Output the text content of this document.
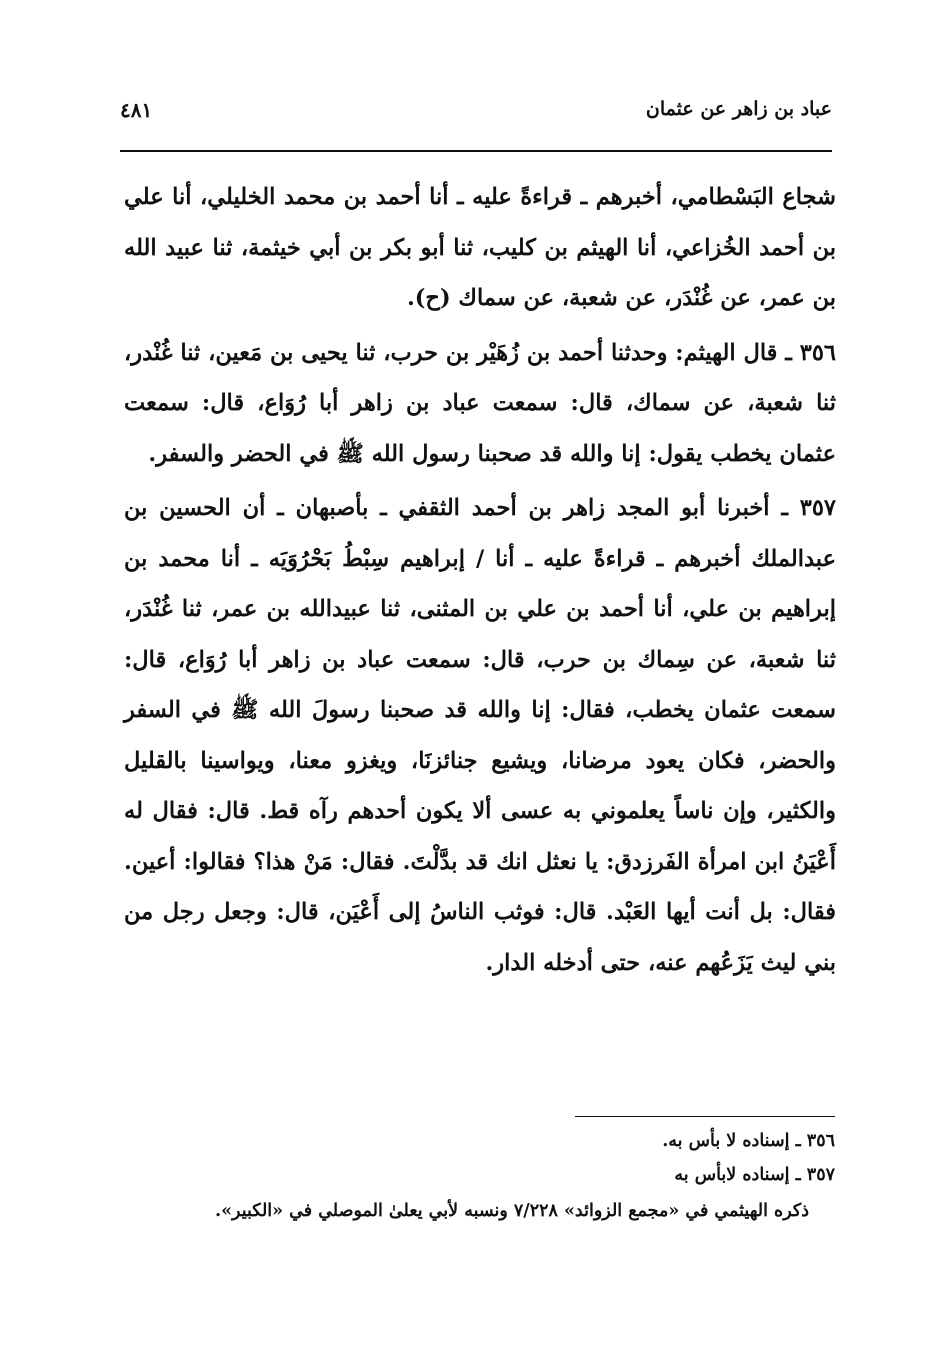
عباد بن زاهر عن عثمان
٤٨١

شجاع البَسْطامي، أخبرهم ـ قراءةً عليه ـ أنا أحمد بن محمد الخليلي، أنا علي بن أحمد الخُزاعي، أنا الهيثم بن كليب، ثنا أبو بكر بن أبي خيثمة، ثنا عبيد الله بن عمر، عن غُنْدَر، عن شعبة، عن سماك (ح).

٣٥٦ ـ قال الهيثم: وحدثنا أحمد بن زُهَيْر بن حرب، ثنا يحيى بن مَعين، ثنا غُنْدر، ثنا شعبة، عن سماك، قال: سمعت عباد بن زاهر أبا رُوَاع، قال: سمعت عثمان يخطب يقول: إنا والله قد صحبنا رسول الله ﷺ في الحضر والسفر.

٣٥٧ ـ أخبرنا أبو المجد زاهر بن أحمد الثقفي ـ بأصبهان ـ أن الحسين بن عبدالملك أخبرهم ـ قراءةً عليه ـ أنا / إبراهيم سِبْطُ بَحْرُوَيَه ـ أنا محمد بن إبراهيم بن علي، أنا أحمد بن علي بن المثنى، ثنا عبيدالله بن عمر، ثنا غُنْدَر، ثنا شعبة، عن سِماك بن حرب، قال: سمعت عباد بن زاهر أبا رُوَاع، قال: سمعت عثمان يخطب، فقال: إنا والله قد صحبنا رسولَ الله ﷺ في السفر والحضر، فكان يعود مرضانا، ويشيع جنائزنَا، ويغزو معنا، ويواسينا بالقليل والكثير، وإن ناساً يعلموني به عسى ألا يكون أحدهم رآه قط. قال: فقال له أَعْيَنُ ابن امرأة الفَرزدق: يا نعثل انك قد بدَّلْتَ. فقال: مَنْ هذا؟ فقالوا: أعين. فقال: بل أنت أيها العَبْد. قال: فوثب الناسُ إلى أَعْيَن، قال: وجعل رجل من بني ليث يَزَعُهم عنه، حتى أدخله الدار.

٣٥٦ ـ إسناده لا بأس به.

٣٥٧ ـ إسناده لابأس به

ذكره الهيثمي في «مجمع الزوائد» ٧/٢٢٨ ونسبه لأبي يعلىٰ الموصلي في «الكبير».
